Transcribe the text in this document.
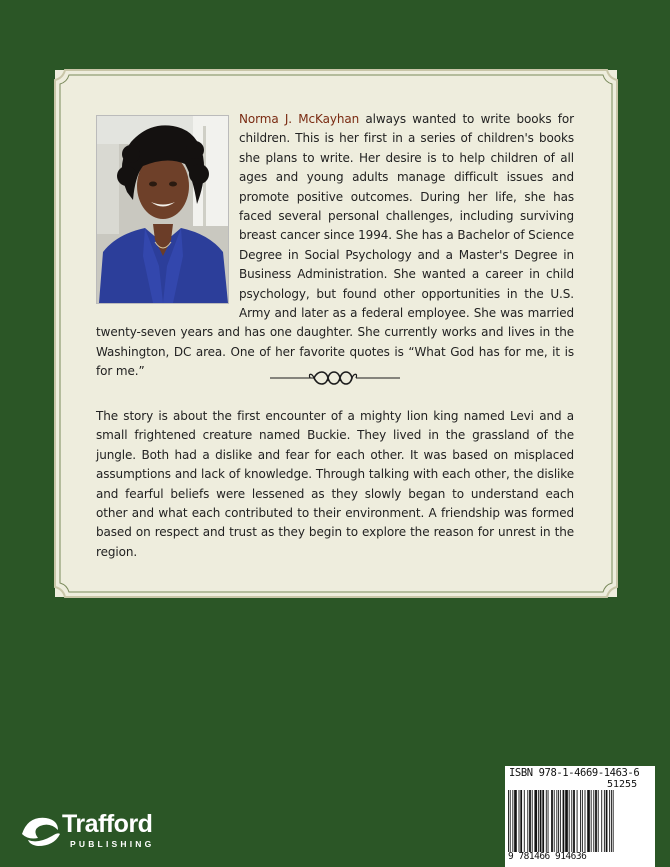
Norma J. McKayhan always wanted to write books for children. This is her first in a series of children's books she plans to write. Her desire is to help children of all ages and young adults manage difficult issues and promote positive outcomes. During her life, she has faced several personal challenges, including surviving breast cancer since 1994. She has a Bachelor of Science Degree in Social Psychology and a Master's Degree in Business Administration. She wanted a career in child psychology, but found other opportunities in the U.S. Army and later as a federal employee. She was married twenty-seven years and has one daughter. She currently works and lives in the Washington, DC area. One of her favorite quotes is “What God has for me, it is for me.”
The story is about the first encounter of a mighty lion king named Levi and a small frightened creature named Buckie. They lived in the grassland of the jungle. Both had a dislike and fear for each other. It was based on misplaced assumptions and lack of knowledge. Through talking with each other, the dislike and fearful beliefs were lessened as they slowly began to understand each other and what each contributed to their environment. A friendship was formed based on respect and trust as they begin to explore the reason for unrest in the region.
Trafford
PUBLISHING
ISBN 978-1-4669-1463-6
51255
9 781466 914636
